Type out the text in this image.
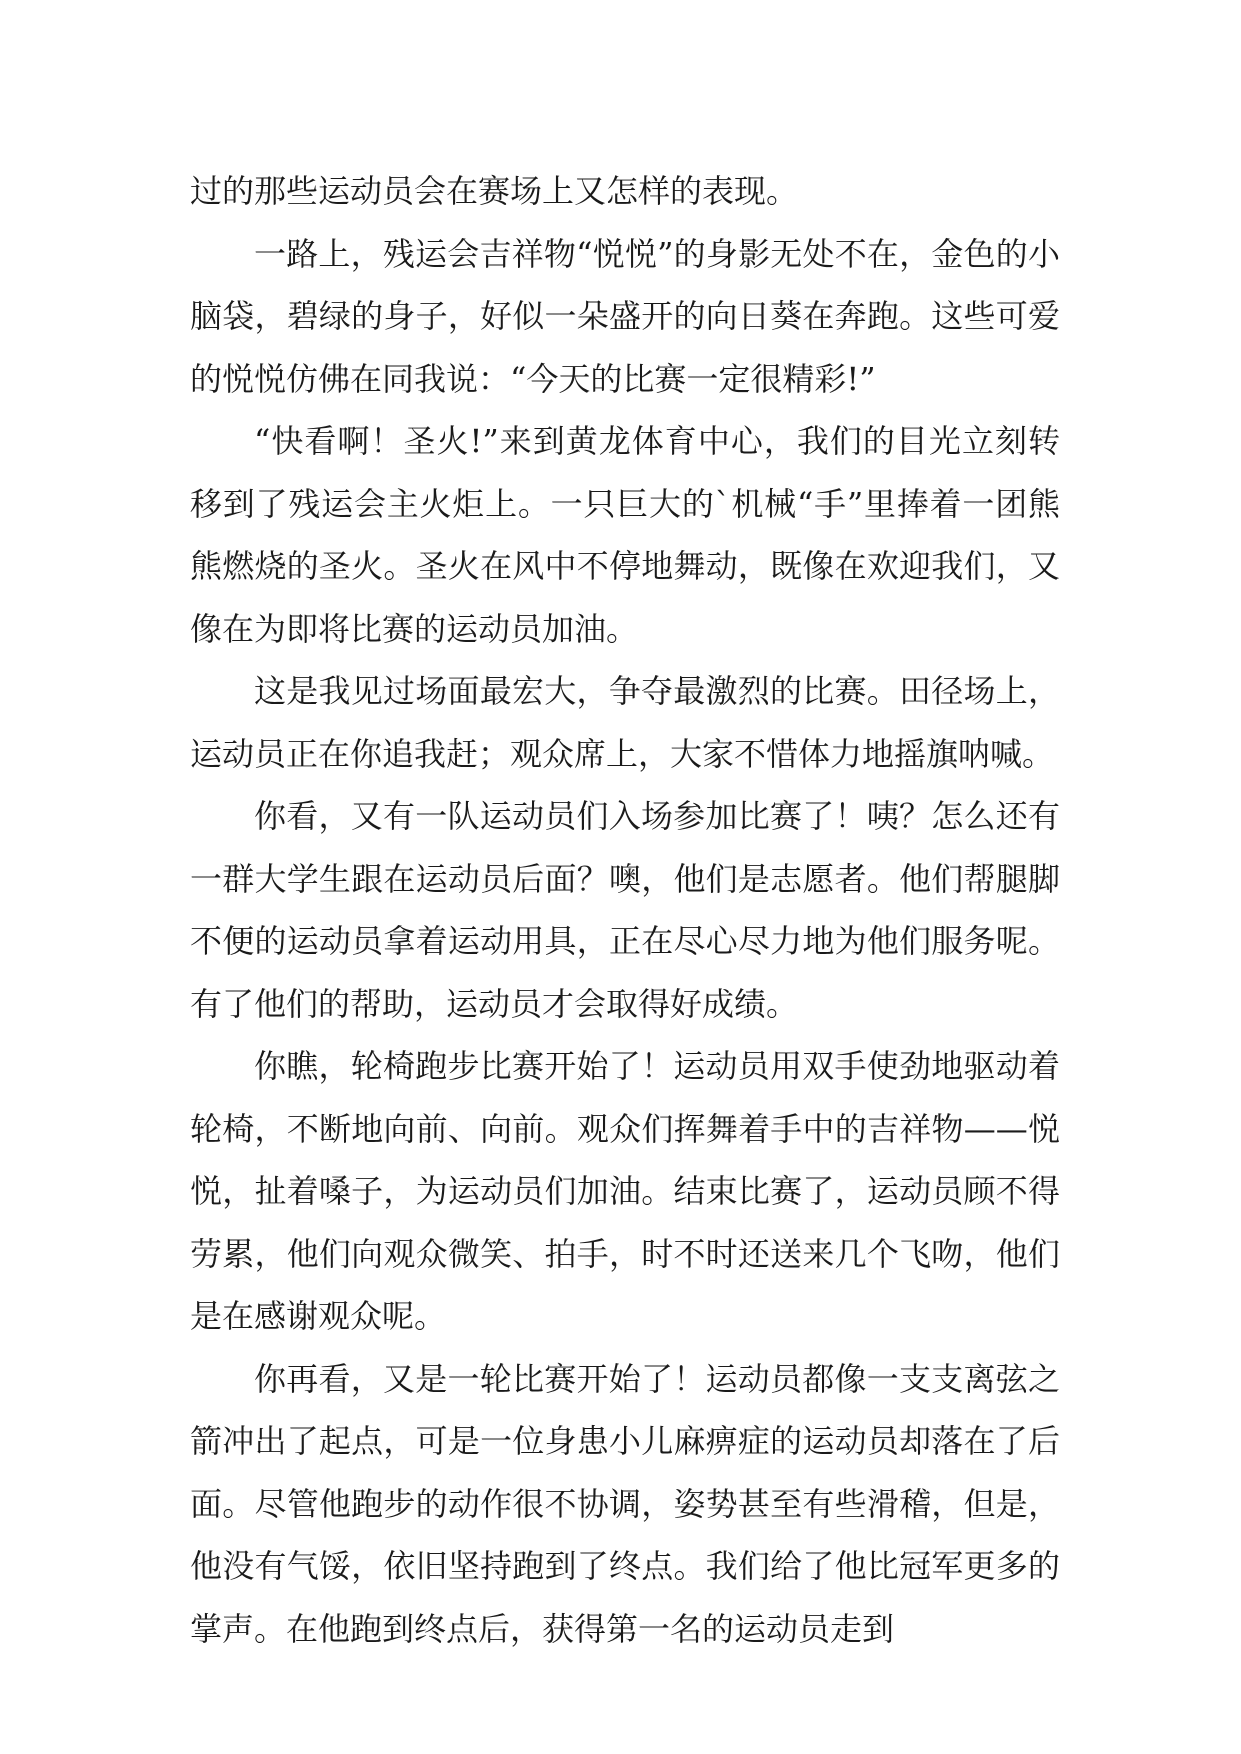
过的那些运动员会在赛场上又怎样的表现。

一路上，残运会吉祥物“悦悦”的身影无处不在，金色的小脑袋，碧绿的身子，好似一朵盛开的向日葵在奔跑。这些可爱的悦悦仿佛在同我说：“今天的比赛一定很精彩!”

“快看啊！圣火!”来到黄龙体育中心，我们的目光立刻转移到了残运会主火炬上。一只巨大的`机械“手”里捧着一团熊熊燃烧的圣火。圣火在风中不停地舞动，既像在欢迎我们，又像在为即将比赛的运动员加油。

这是我见过场面最宏大，争夺最激烈的比赛。田径场上，运动员正在你追我赶；观众席上，大家不惜体力地摇旗呐喊。

你看，又有一队运动员们入场参加比赛了！咦？怎么还有一群大学生跟在运动员后面？噢，他们是志愿者。他们帮腿脚不便的运动员拿着运动用具，正在尽心尽力地为他们服务呢。有了他们的帮助，运动员才会取得好成绩。

你瞧，轮椅跑步比赛开始了！运动员用双手使劲地驱动着轮椅，不断地向前、向前。观众们挥舞着手中的吉祥物——悦悦，扯着嗓子，为运动员们加油。结束比赛了，运动员顾不得劳累，他们向观众微笑、拍手，时不时还送来几个飞吻，他们是在感谢观众呢。

你再看，又是一轮比赛开始了！运动员都像一支支离弦之箭冲出了起点，可是一位身患小儿麻痹症的运动员却落在了后面。尽管他跑步的动作很不协调，姿势甚至有些滑稽，但是，他没有气馁，依旧坚持跑到了终点。我们给了他比冠军更多的掌声。在他跑到终点后，获得第一名的运动员走到
